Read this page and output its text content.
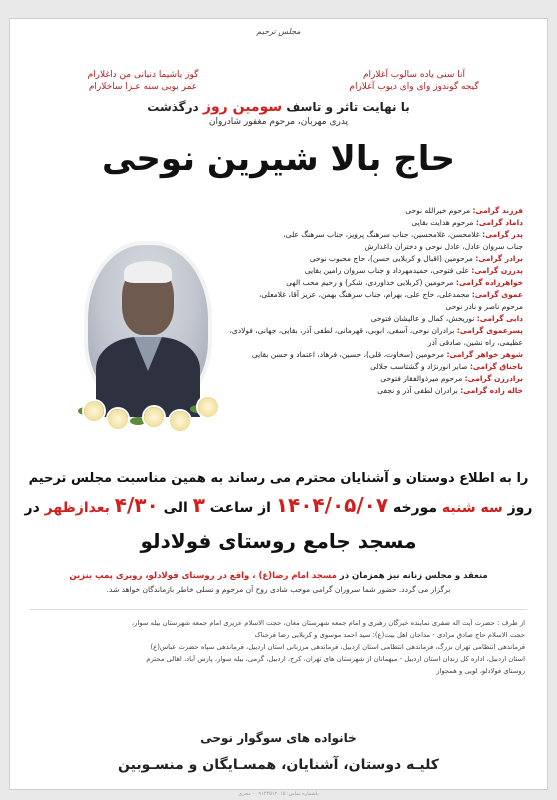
مجلس ترحیم
آنا سنی یاده سالوب آغلارام
گیجه گوندوز وای وای دیوب آغلارام
گوز یاشیما دنیانی من داغلارام
عمر بویی سنه عـزا ساخلارام
با نهایت تاثر و تاسف سومین روز درگذشت
پدری مهربان، مرحوم مغفور شادروان
حاج بالا شیرین نوحی
فرزند گرامی: مرحوم خیرالله نوحی
داماد گرامی: مرحوم هدایت بقایی
پدر گرامی: غلامحسن، غلامحسین، جناب سرهنگ پرویز، جناب سرهنگ علی،
جناب سروان عادل، عادل نوحی و دختران داغدارش
برادر گرامی: مرحومین (اقبال و کربلایی حسن)، حاج محبوب نوحی
پدرزن گرامی: علی فتوحی، حمیدمهرداد و جناب سروان رامین بقایی
خواهرزاده گرامی: مرحومین (کربلایی خداوردی، شکر) و رحیم محب الهی
عموی گرامی: محمدعلی، حاج علی، بهرام، جناب سرهنگ بهمن، عزیز آقا، غلامعلی،
مرحوم ناصر و نادر نوحی
دایی گرامی: نوریخش، کمال و عالیشان فتوحی
پسرعموی گرامی: برادران نوحی، آسفی، ابوبی، قهرمانی، لطفی آذر، بقایی، جهانی، فولادی،
عظیمی، راه نشین، صادقی آذر
شوهر خواهر گرامی: مرحومین (سخاوت، قلی)، حسین، فرهاد، اعتماد و حسن بقایی
باجناق گرامی: صابر انورنژاد و گشتاسب جلالی
برادرزن گرامی: مرحوم میرذوالفقار فتوحی
خاله زاده گرامی: برادران لطفی آذر و نجفی
را به اطلاع دوستان و آشنایان محترم می رساند به همین مناسبت مجلس ترحیم
روز سه شنبه مورخه ۱۴۰۴/۰۵/۰۷ از ساعت ۳ الی ۴/۳۰ بعدازظهر در
مسجد جامع روستای فولادلو
منعقد و مجلس زنانه نیز همزمان در مسجد امام رضا(ع) ، واقع در روستای فولادلو، روبری پمپ بنزین
برگزار می گردد. حضور شما سروران گرامی موجب شادی روح آن مرحوم و تسلی خاطر بازماندگان خواهد شد.
از طرف : حضرت آیت اله صفری نماینده خبرگان رهبری و امام جمعه شهرستان مغان، حجت الاسلام عزیزی امام جمعه شهرستان بیله سوار،
حجت الاسلام حاج صادق مرادی - مداحان اهل بیت(ع): سید احمد موسوی و کربلایی رضا فرحناک
فرماندهی انتظامی تهران بزرگ، فرماندهی انتظامی استان اردبیل، فرماندهی مرزبانی استان اردبیل، فرماندهی سپاه حضرت عباس(ع)
استان اردبیل، اداره کل زندان استان اردبیل - میهمانان از شهرستان های تهران، کرج، اردبیل، گرمی، بیله سوار، پارس آباد، اهالی محترم
روستای فولادلو، لویی و همجوار
خانواده های سوگوار نوحی
کلیـه دوستان، آشنایان، همسـایگان و منسـوبین
باشماره تماس: ۰۹۱۴۴۵۱۲۰۱۵ - مجری
